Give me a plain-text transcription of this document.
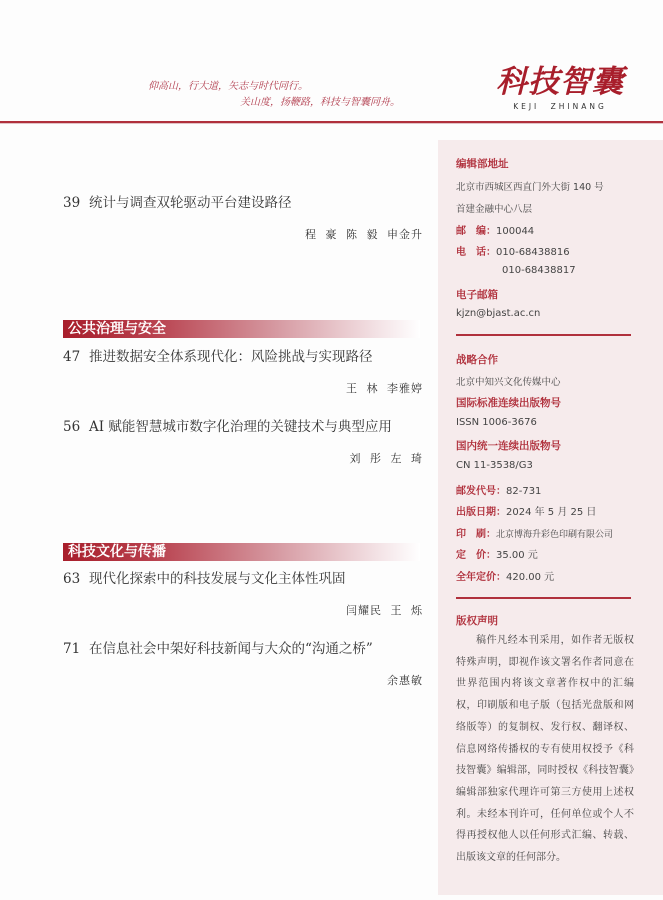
仰高山，行大道，矢志与时代同行。
关山度，扬鞭路，科技与智囊同舟。
科技智囊
KEJI ZHINANG
39 统计与调查双轮驱动平台建设路径
程 豪 陈 毅 申金升
公共治理与安全
47 推进数据安全体系现代化：风险挑战与实现路径
王 林 李雅婷
56 AI 赋能智慧城市数字化治理的关键技术与典型应用
刘 彤 左 琦
科技文化与传播
63 现代化探索中的科技发展与文化主体性巩固
闫耀民 王 烁
71 在信息社会中架好科技新闻与大众的“沟通之桥”
余惠敏
编辑部地址
北京市西城区西直门外大街 140 号
首建金融中心八层
邮　编：100044
电　话：010-68438816
010-68438817
电子邮箱
kjzn@bjast.ac.cn
战略合作
北京中知兴文化传媒中心
国际标准连续出版物号
ISSN 1006-3676
国内统一连续出版物号
CN 11-3538/G3
邮发代号：82-731
出版日期：2024 年 5 月 25 日
印　刷：北京博海升彩色印刷有限公司
定　价：35.00 元
全年定价：420.00 元
版权声明
稿件凡经本刊采用，如作者无版权特殊声明，即视作该文署名作者同意在世界范围内将该文章著作权中的汇编权，印刷版和电子版（包括光盘版和网络版等）的复制权、发行权、翻译权、信息网络传播权的专有使用权授予《科技智囊》编辑部，同时授权《科技智囊》编辑部独家代理许可第三方使用上述权利。未经本刊许可，任何单位或个人不得再授权他人以任何形式汇编、转载、出版该文章的任何部分。
